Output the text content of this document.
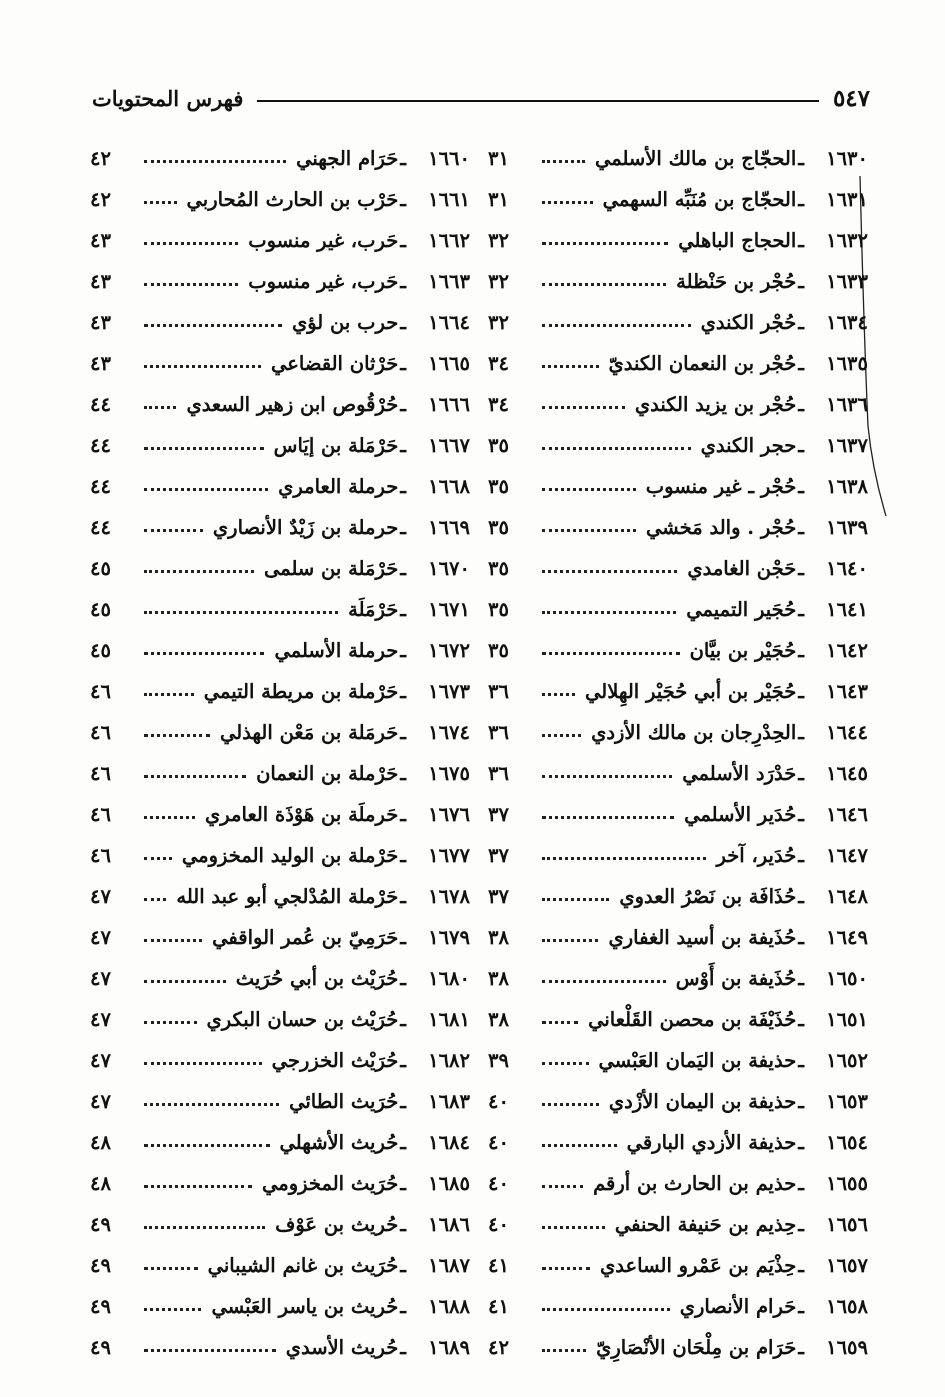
فهرس المحتويات	٥٤٧
١٦٣٠
ـ
الحجّاج بن مالك الأسلمي
٣١
١٦٣١
ـ
الحجّاج بن مُنَبِّه السهمي
٣١
١٦٣٢
ـ
الحجاج الباهلي
٣٢
١٦٣٣
ـ
حُجْر بن حَنْظلة
٣٢
١٦٣٤
ـ
حُجْر الكندي
٣٢
١٦٣٥
ـ
حُجْر بن النعمان الكنديّ
٣٤
١٦٣٦
ـ
حُجْر بن يزيد الكندي
٣٤
١٦٣٧
ـ
حجر الكندي
٣٥
١٦٣٨
ـ
حُجْر ـ غير منسوب
٣٥
١٦٣٩
ـ
حُجْر . والد مَخشي
٣٥
١٦٤٠
ـ
حَجْن الغامدي
٣٥
١٦٤١
ـ
حُجَير التميمي
٣٥
١٦٤٢
ـ
حُجَيْر بن بيَّان
٣٥
١٦٤٣
ـ
حُجَيْر بن أبي حُجَيْر الهِلالي
٣٦
١٦٤٤
ـ
الحِدْرِجان بن مالك الأزدي
٣٦
١٦٤٥
ـ
حَدْرَد الأسلمي
٣٦
١٦٤٦
ـ
حُدَير الأسلمي
٣٧
١٦٤٧
ـ
حُدَير، آخر
٣٧
١٦٤٨
ـ
حُذَافَة بن نَصْرُ العدوي
٣٧
١٦٤٩
ـ
حُذَيفة بن أسيد الغفاري
٣٨
١٦٥٠
ـ
حُذَيفة بن أَوْس
٣٨
١٦٥١
ـ
حُذَيْفَة بن محصن القَلْعاني
٣٨
١٦٥٢
ـ
حذيفة بن اليَمان العَبْسي
٣٩
١٦٥٣
ـ
حذيفة بن اليمان الأزْدي
٤٠
١٦٥٤
ـ
حذيفة الأزدي البارقي
٤٠
١٦٥٥
ـ
حذيم بن الحارث بن أرقم
٤٠
١٦٥٦
ـ
حِذيم بن حَنيفة الحنفي
٤٠
١٦٥٧
ـ
حِذْيَم بن عَمْرو الساعدي
٤١
١٦٥٨
ـ
حَرام الأنصاري
٤١
١٦٥٩
ـ
حَرَام بن مِلْحَان الأنْصَارِيّ
٤٢
١٦٦٠
ـ
حَرَام الجهني
٤٢
١٦٦١
ـ
حَرْب بن الحارث المُحاربي
٤٢
١٦٦٢
ـ
حَرب، غير منسوب
٤٣
١٦٦٣
ـ
حَرب، غير منسوب
٤٣
١٦٦٤
ـ
حرب بن لؤي
٤٣
١٦٦٥
ـ
حَرْثان القضاعي
٤٣
١٦٦٦
ـ
حُرْقُوص ابن زهير السعدي
٤٤
١٦٦٧
ـ
حَرْمَلة بن إيَاس
٤٤
١٦٦٨
ـ
حرملة العامري
٤٤
١٦٦٩
ـ
حرملة بن زَيْدٌ الأنصاري
٤٤
١٦٧٠
ـ
حَرْمَلة بن سلمى
٤٥
١٦٧١
ـ
حَرْمَلَة
٤٥
١٦٧٢
ـ
حرملة الأسلمي
٤٥
١٦٧٣
ـ
حَرْملة بن مريطة التيمي
٤٦
١٦٧٤
ـ
حَرمَلة بن مَعْن الهذلي
٤٦
١٦٧٥
ـ
حَرْملة بن النعمان
٤٦
١٦٧٦
ـ
حَرملَة بن هَوْذَة العامري
٤٦
١٦٧٧
ـ
حَرْملة بن الوليد المخزومي
٤٦
١٦٧٨
ـ
حَرْملة المُدْلجي أبو عبد الله
٤٧
١٦٧٩
ـ
حَرَمِيّ بن عُمر الواقفي
٤٧
١٦٨٠
ـ
حُرَيْث بن أبي حُرَيث
٤٧
١٦٨١
ـ
حُرَيْث بن حسان البكري
٤٧
١٦٨٢
ـ
حُرَيْث الخزرجي
٤٧
١٦٨٣
ـ
حُرَيث الطائي
٤٧
١٦٨٤
ـ
حُريث الأشهلي
٤٨
١٦٨٥
ـ
حُرَيث المخزومي
٤٨
١٦٨٦
ـ
حُريث بن عَوْف
٤٩
١٦٨٧
ـ
حُرَيث بن غانم الشيباني
٤٩
١٦٨٨
ـ
حُريث بن ياسر العَبْسي
٤٩
١٦٨٩
ـ
حُريث الأسدي
٤٩
